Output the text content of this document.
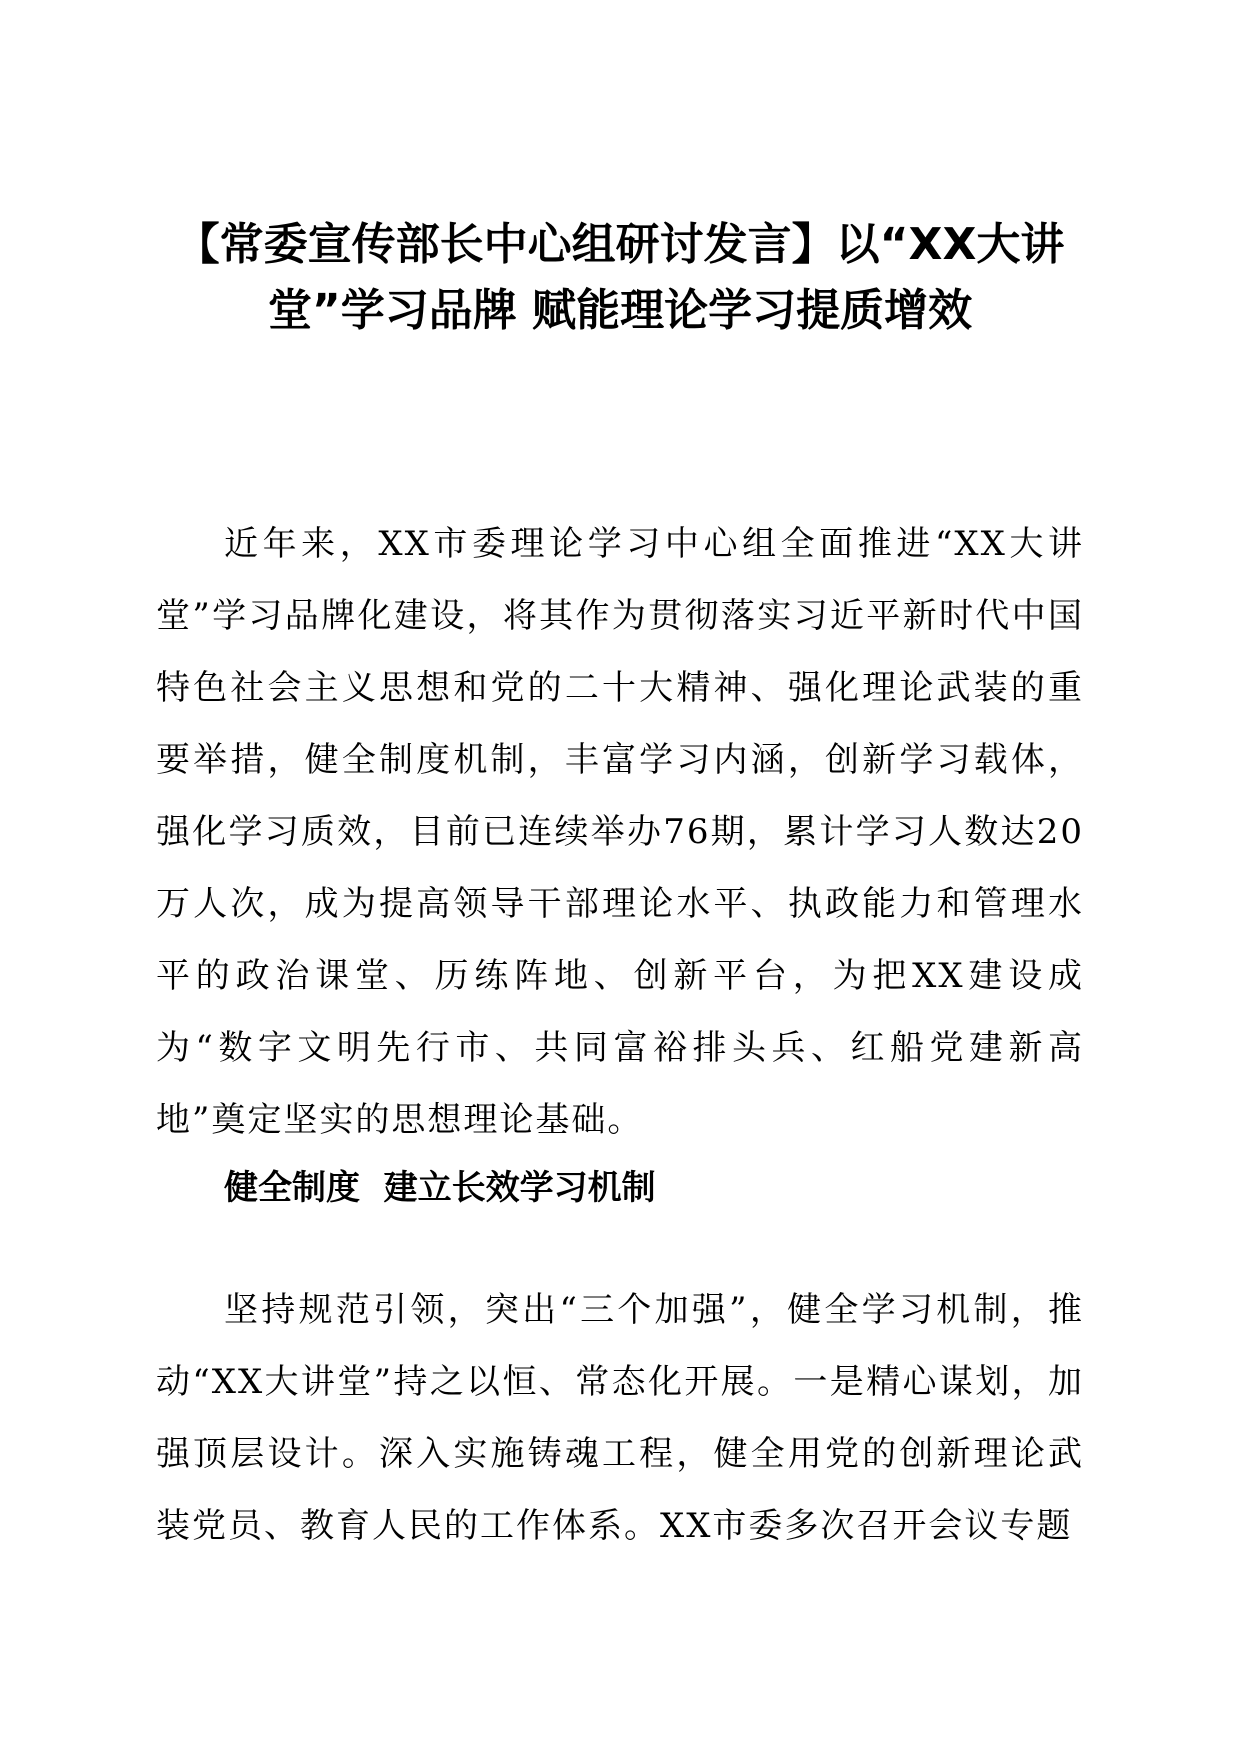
【常委宣传部长中心组研讨发言】以“XX大讲堂”学习品牌 赋能理论学习提质增效

近年来，XX市委理论学习中心组全面推进“XX大讲堂”学习品牌化建设，将其作为贯彻落实习近平新时代中国特色社会主义思想和党的二十大精神、强化理论武装的重要举措，健全制度机制，丰富学习内涵，创新学习载体，强化学习质效，目前已连续举办76期，累计学习人数达20万人次，成为提高领导干部理论水平、执政能力和管理水平的政治课堂、历练阵地、创新平台，为把XX建设成为“数字文明先行市、共同富裕排头兵、红船党建新高地”奠定坚实的思想理论基础。

健全制度  建立长效学习机制

坚持规范引领，突出“三个加强”，健全学习机制，推动“XX大讲堂”持之以恒、常态化开展。一是精心谋划，加强顶层设计。深入实施铸魂工程，健全用党的创新理论武装党员、教育人民的工作体系。XX市委多次召开会议专题
